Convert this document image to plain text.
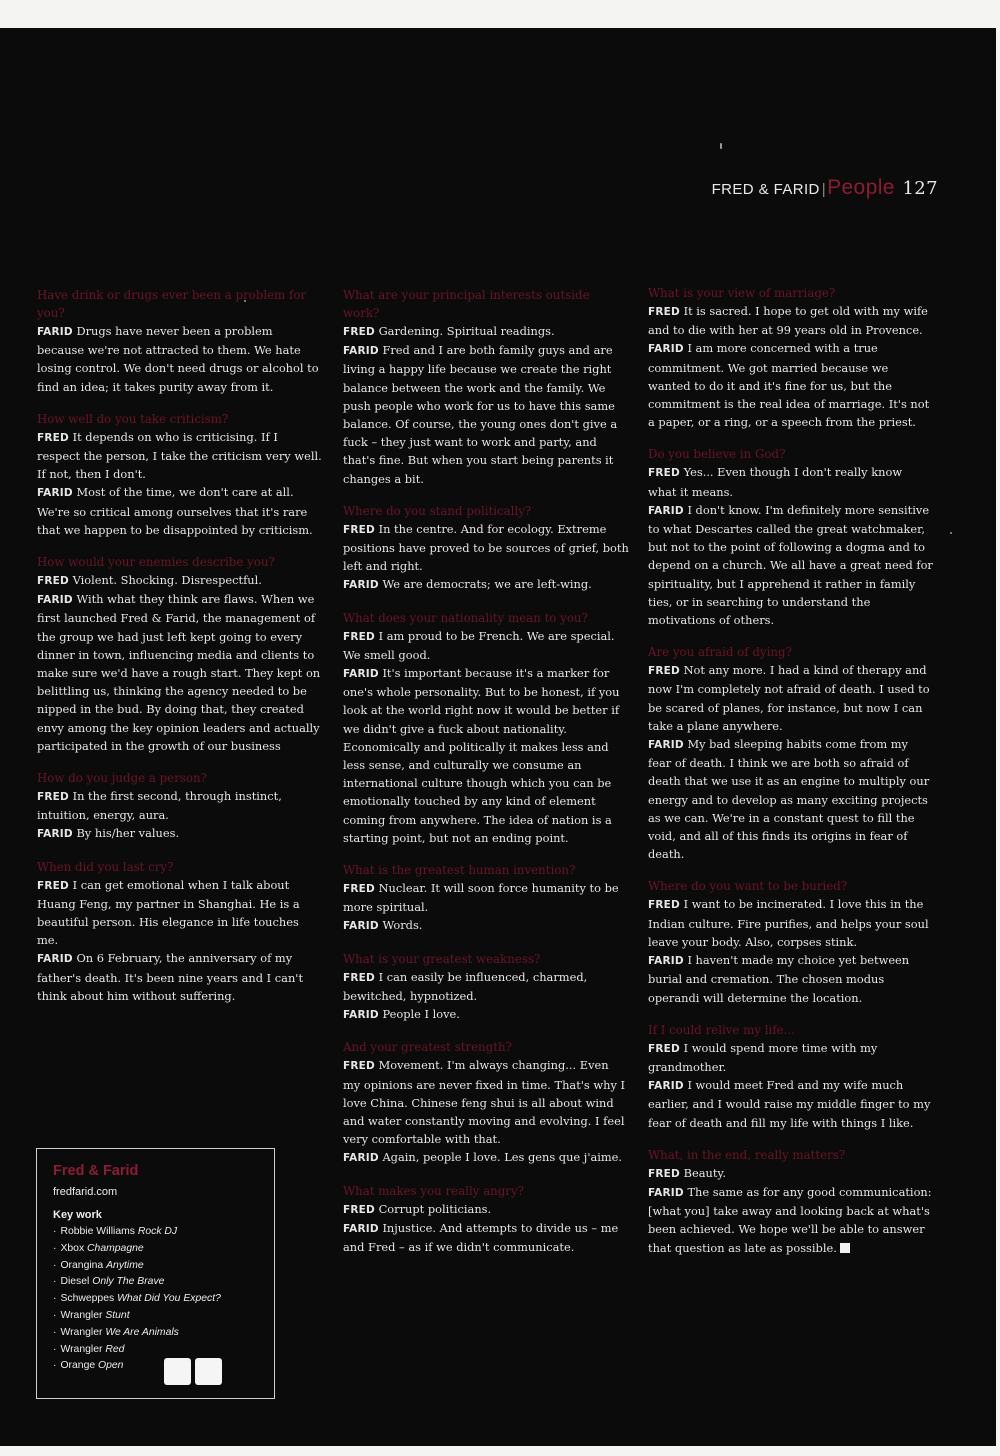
FRED & FARID |People 127
Have drink or drugs ever been a problem for you?

FARID Drugs have never been a problem because we're not attracted to them. We hate losing control. We don't need drugs or alcohol to find an idea; it takes purity away from it.

How well do you take criticism?

FRED It depends on who is criticising. If I respect the person, I take the criticism very well. If not, then I don't.

FARID Most of the time, we don't care at all. We're so critical among ourselves that it's rare that we happen to be disappointed by criticism.

How would your enemies describe you?

FRED Violent. Shocking. Disrespectful.

FARID With what they think are flaws. When we first launched Fred & Farid, the management of the group we had just left kept going to every dinner in town, influencing media and clients to make sure we'd have a rough start. They kept on belittling us, thinking the agency needed to be nipped in the bud. By doing that, they created envy among the key opinion leaders and actually participated in the growth of our business

How do you judge a person?

FRED In the first second, through instinct, intuition, energy, aura.

FARID By his/her values.

When did you last cry?

FRED I can get emotional when I talk about Huang Feng, my partner in Shanghai. He is a beautiful person. His elegance in life touches me.

FARID On 6 February, the anniversary of my father's death. It's been nine years and I can't think about him without suffering.

What are your principal interests outside work?

FRED Gardening. Spiritual readings.

FARID Fred and I are both family guys and are living a happy life because we create the right balance between the work and the family. We push people who work for us to have this same balance. Of course, the young ones don't give a fuck – they just want to work and party, and that's fine. But when you start being parents it changes a bit.

Where do you stand politically?

FRED In the centre. And for ecology. Extreme positions have proved to be sources of grief, both left and right.

FARID We are democrats; we are left-wing.

What does your nationality mean to you?

FRED I am proud to be French. We are special. We smell good.

FARID It's important because it's a marker for one's whole personality. But to be honest, if you look at the world right now it would be better if we didn't give a fuck about nationality. Economically and politically it makes less and less sense, and culturally we consume an international culture though which you can be emotionally touched by any kind of element coming from anywhere. The idea of nation is a starting point, but not an ending point.

What is the greatest human invention?

FRED Nuclear. It will soon force humanity to be more spiritual.

FARID Words.

What is your greatest weakness?

FRED I can easily be influenced, charmed, bewitched, hypnotized.

FARID People I love.

And your greatest strength?

FRED Movement. I'm always changing... Even my opinions are never fixed in time. That's why I love China. Chinese feng shui is all about wind and water constantly moving and evolving. I feel very comfortable with that.

FARID Again, people I love. Les gens que j'aime.

What makes you really angry?

FRED Corrupt politicians.

FARID Injustice. And attempts to divide us – me and Fred – as if we didn't communicate.

What is your view of marriage?

FRED It is sacred. I hope to get old with my wife and to die with her at 99 years old in Provence.

FARID I am more concerned with a true commitment. We got married because we wanted to do it and it's fine for us, but the commitment is the real idea of marriage. It's not a paper, or a ring, or a speech from the priest.

Do you believe in God?

FRED Yes... Even though I don't really know what it means.

FARID I don't know. I'm definitely more sensitive to what Descartes called the great watchmaker, but not to the point of following a dogma and to depend on a church. We all have a great need for spirituality, but I apprehend it rather in family ties, or in searching to understand the motivations of others.

Are you afraid of dying?

FRED Not any more. I had a kind of therapy and now I'm completely not afraid of death. I used to be scared of planes, for instance, but now I can take a plane anywhere.

FARID My bad sleeping habits come from my fear of death. I think we are both so afraid of death that we use it as an engine to multiply our energy and to develop as many exciting projects as we can. We're in a constant quest to fill the void, and all of this finds its origins in fear of death.

Where do you want to be buried?

FRED I want to be incinerated. I love this in the Indian culture. Fire purifies, and helps your soul leave your body. Also, corpses stink.

FARID I haven't made my choice yet between burial and cremation. The chosen modus operandi will determine the location.

If I could relive my life...

FRED I would spend more time with my grandmother.

FARID I would meet Fred and my wife much earlier, and I would raise my middle finger to my fear of death and fill my life with things I like.

What, in the end, really matters?

FRED Beauty.

FARID The same as for any good communication: [what you] take away and looking back at what's been achieved. We hope we'll be able to answer that question as late as possible.

Fred & Farid
fredfarid.com
Key work
· Robbie Williams Rock DJ
· Xbox Champagne
· Orangina Anytime
· Diesel Only The Brave
· Schweppes What Did You Expect?
· Wrangler Stunt
· Wrangler We Are Animals
· Wrangler Red
· Orange Open
